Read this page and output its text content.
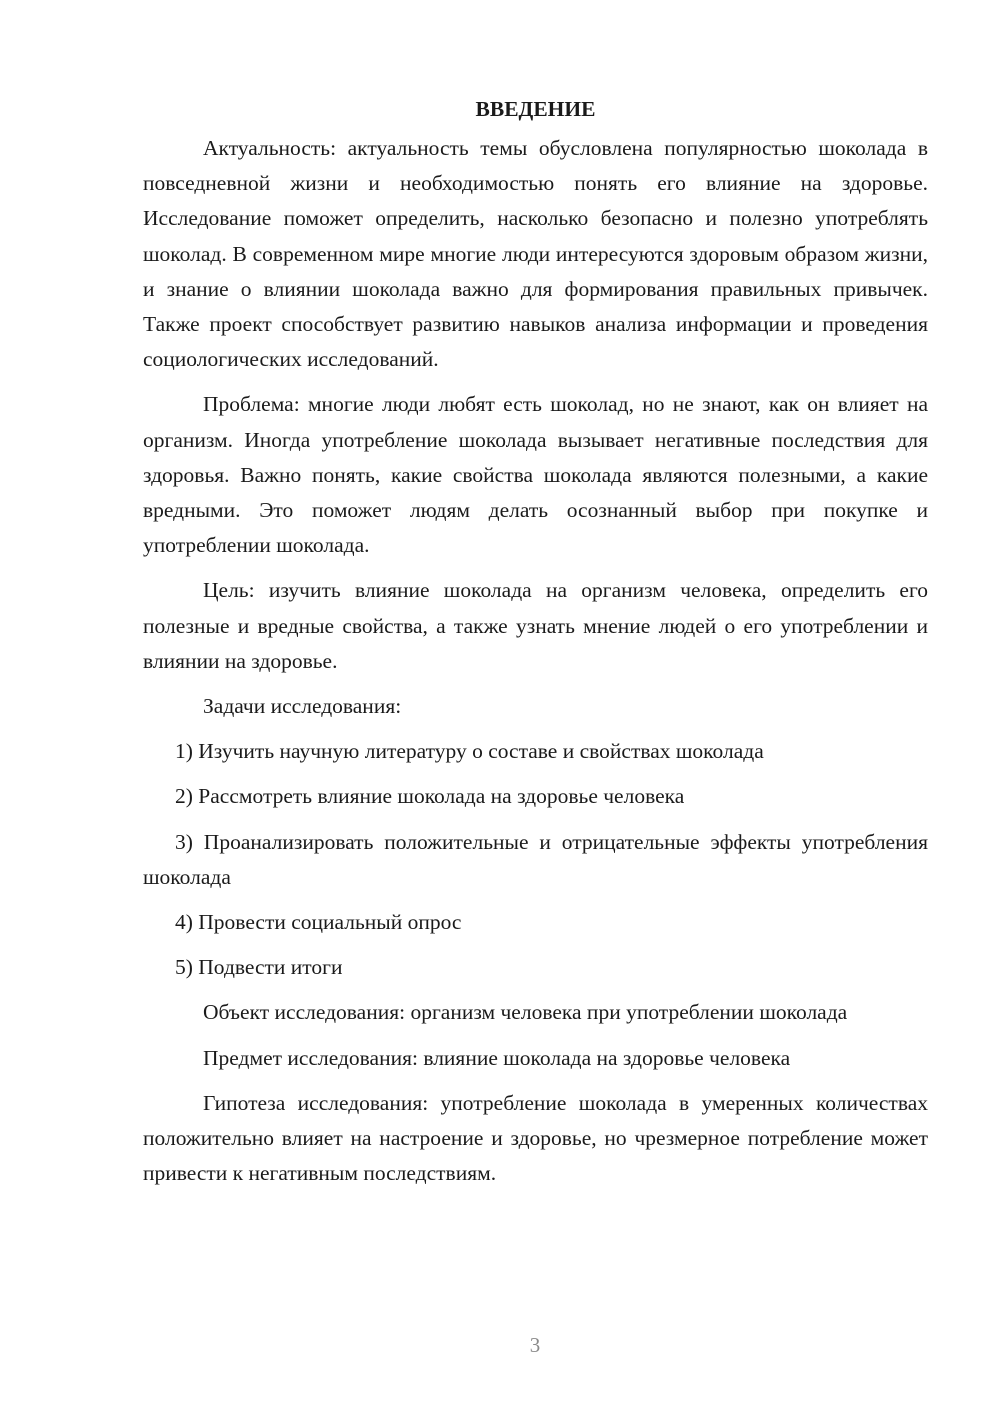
ВВЕДЕНИЕ

Актуальность: актуальность темы обусловлена популярностью шоколада в повседневной жизни и необходимостью понять его влияние на здоровье. Исследование поможет определить, насколько безопасно и полезно употреблять шоколад. В современном мире многие люди интересуются здоровым образом жизни, и знание о влиянии шоколада важно для формирования правильных привычек. Также проект способствует развитию навыков анализа информации и проведения социологических исследований.

Проблема: многие люди любят есть шоколад, но не знают, как он влияет на организм. Иногда употребление шоколада вызывает негативные последствия для здоровья. Важно понять, какие свойства шоколада являются полезными, а какие вредными. Это поможет людям делать осознанный выбор при покупке и употреблении шоколада.

Цель: изучить влияние шоколада на организм человека, определить его полезные и вредные свойства, а также узнать мнение людей о его употреблении и влиянии на здоровье.

Задачи исследования:

1) Изучить научную литературу о составе и свойствах шоколада

2) Рассмотреть влияние шоколада на здоровье человека

3) Проанализировать положительные и отрицательные эффекты употребления шоколада

4) Провести социальный опрос

5) Подвести итоги

Объект исследования: организм человека при употреблении шоколада

Предмет исследования: влияние шоколада на здоровье человека

Гипотеза исследования: употребление шоколада в умеренных количествах положительно влияет на настроение и здоровье, но чрезмерное потребление может привести к негативным последствиям.

3
